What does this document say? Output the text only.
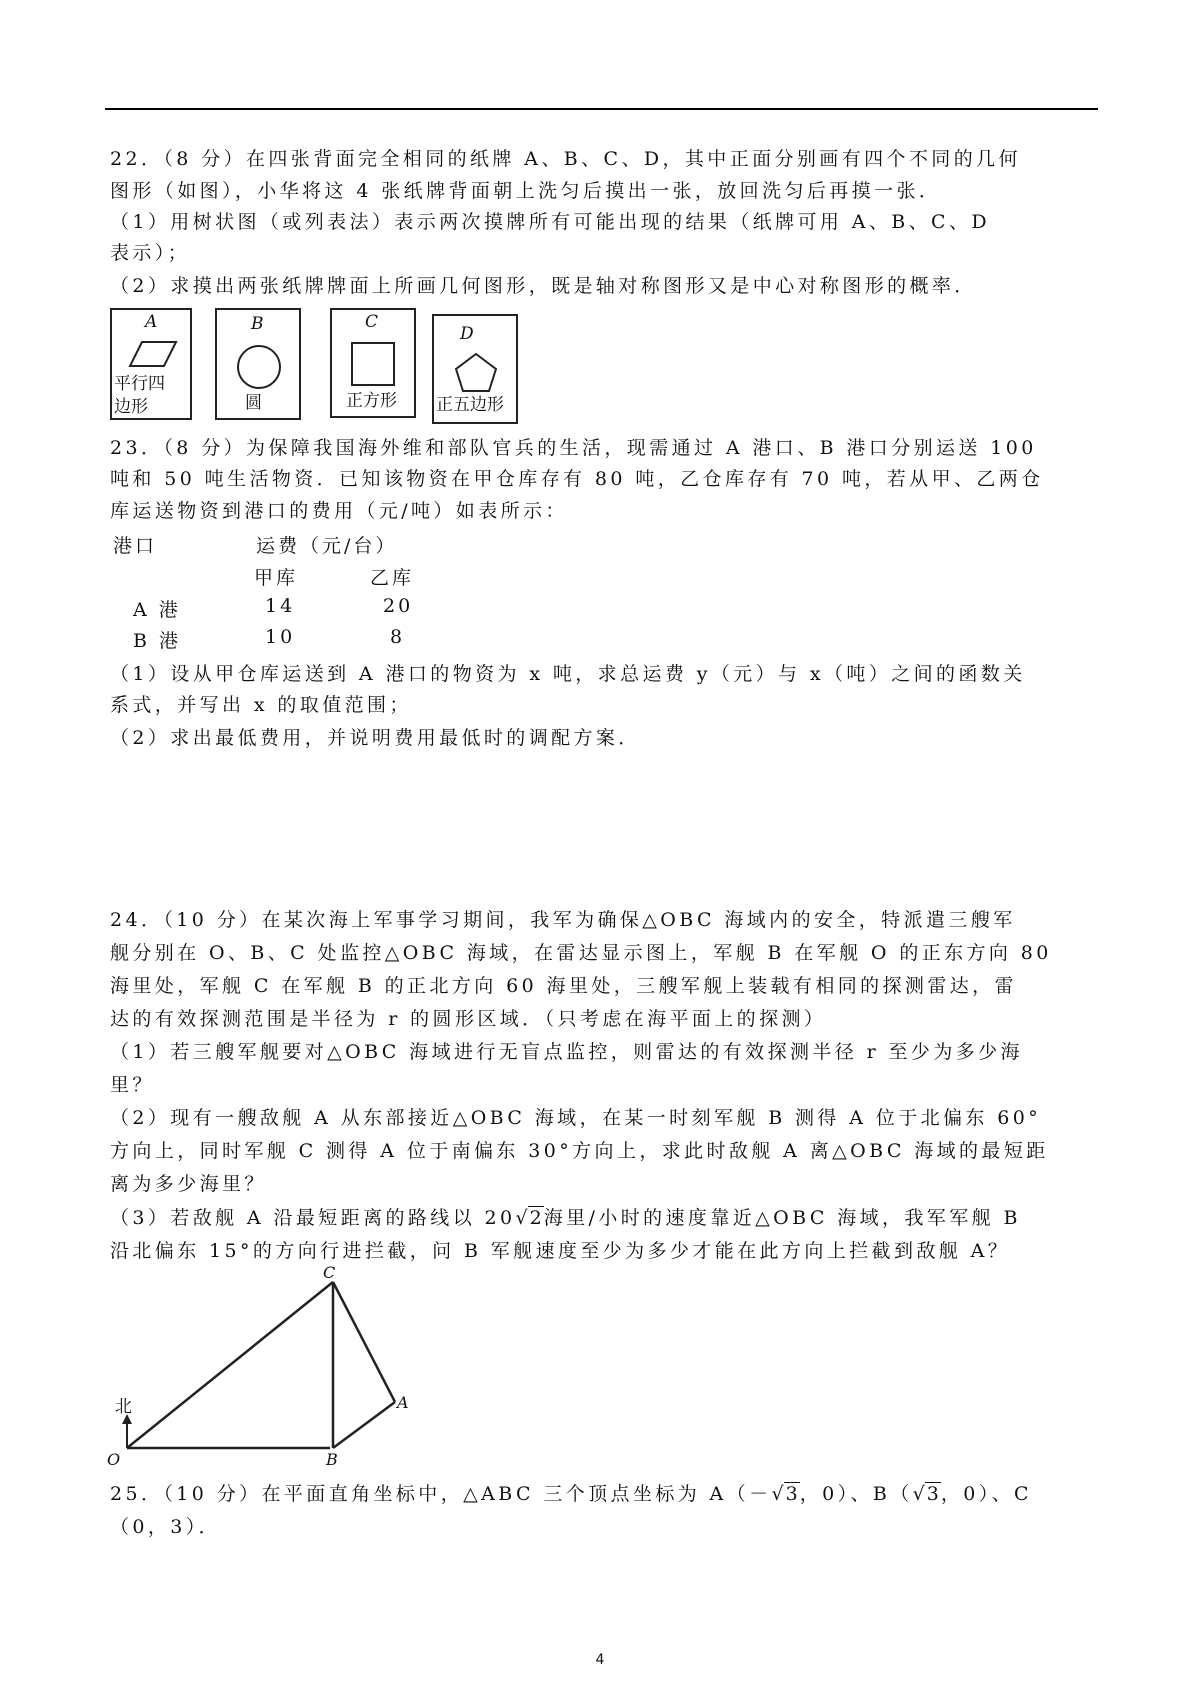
22．（8 分）在四张背面完全相同的纸牌 A、B、C、D，其中正面分别画有四个不同的几何
图形（如图），小华将这 4 张纸牌背面朝上洗匀后摸出一张，放回洗匀后再摸一张．
（1）用树状图（或列表法）表示两次摸牌所有可能出现的结果（纸牌可用 A、B、C、D
表示）；
（2）求摸出两张纸牌牌面上所画几何图形，既是轴对称图形又是中心对称图形的概率．
A
平行四
边形
B
圆
C
正方形
D
正五边形
23．（8 分）为保障我国海外维和部队官兵的生活，现需通过 A 港口、B 港口分别运送 100
吨和 50 吨生活物资．已知该物资在甲仓库存有 80 吨，乙仓库存有 70 吨，若从甲、乙两仓
库运送物资到港口的费用（元/吨）如表所示：
港口	运费（元/台）
甲库	乙库
A 港	14	20
B 港	10	8
（1）设从甲仓库运送到 A 港口的物资为 x 吨，求总运费 y（元）与 x（吨）之间的函数关
系式，并写出 x 的取值范围；
（2）求出最低费用，并说明费用最低时的调配方案．
24．（10 分）在某次海上军事学习期间，我军为确保△OBC 海域内的安全，特派遣三艘军
舰分别在 O、B、C 处监控△OBC 海域，在雷达显示图上，军舰 B 在军舰 O 的正东方向 80
海里处，军舰 C 在军舰 B 的正北方向 60 海里处，三艘军舰上装载有相同的探测雷达，雷
达的有效探测范围是半径为 r 的圆形区域．（只考虑在海平面上的探测）
（1）若三艘军舰要对△OBC 海域进行无盲点监控，则雷达的有效探测半径 r 至少为多少海
里？
（2）现有一艘敌舰 A 从东部接近△OBC 海域，在某一时刻军舰 B 测得 A 位于北偏东 60°
方向上，同时军舰 C 测得 A 位于南偏东 30°方向上，求此时敌舰 A 离△OBC 海域的最短距
离为多少海里？
（3）若敌舰 A 沿最短距离的路线以 20√ 2 海里/小时的速度靠近△OBC 海域，我军军舰 B
沿北偏东 15°的方向行进拦截，问 B 军舰速度至少为多少才能在此方向上拦截到敌舰 A？
北
O	B
C
A
25．（10 分）在平面直角坐标中，△ABC 三个顶点坐标为 A（－√ 3 ，0）、B（√ 3 ，0）、C
（0，3）．
4
